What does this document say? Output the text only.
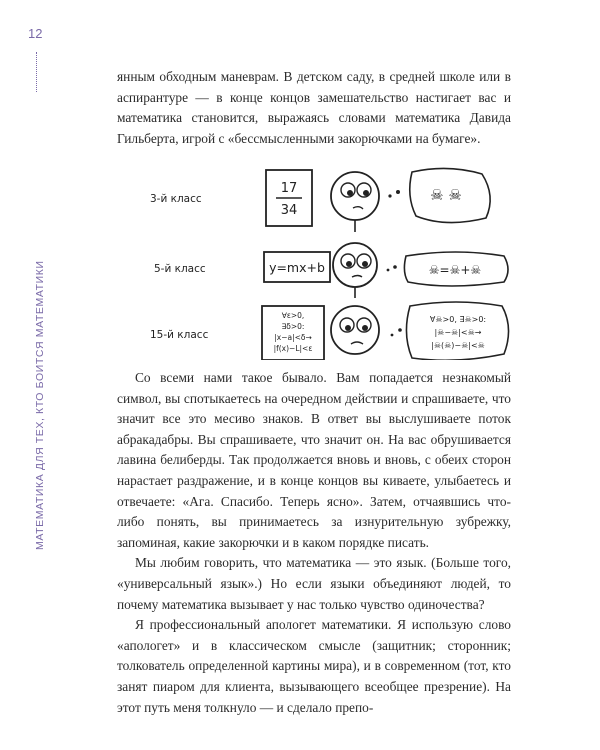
12
МАТЕМАТИКА ДЛЯ ТЕХ, КТО БОИТСЯ МАТЕМАТИКИ

янным обходным маневрам. В детском саду, в средней школе или в аспирантуре — в конце концов замешательство настигает вас и математика становится, выражаясь словами математика Давида Гильберта, игрой с «бессмысленными закорючками на бумаге».

3-й класс
17
34
☠ ☠
5-й класс	y=mx+b	☠=☠+☠
15-й класс
∀ε>0,
∃δ>0:
|x−a|<δ→
|f(x)−L|<ε
∀☠>0, ∃☠>0:
|☠−☠|<☠→
|☠(☠)−☠|<☠

Со всеми нами такое бывало. Вам попадается незнакомый символ, вы спотыкаетесь на очередном действии и спрашиваете, что значит все это месиво знаков. В ответ вы выслушиваете поток абракадабры. Вы спрашиваете, что значит он. На вас обрушивается лавина белиберды. Так продолжается вновь и вновь, с обеих сторон нарастает раздражение, и в конце концов вы киваете, улыбаетесь и отвечаете: «Ага. Спасибо. Теперь ясно». Затем, отчаявшись что-либо понять, вы принимаетесь за изнурительную зубрежку, запоминая, какие закорючки и в каком порядке писать.

Мы любим говорить, что математика — это язык. (Больше того, «универсальный язык».) Но если языки объединяют людей, то почему математика вызывает у нас только чувство одиночества?

Я профессиональный апологет математики. Я использую слово «апологет» и в классическом смысле (защитник; сторонник; толкователь определенной картины мира), и в современном (тот, кто занят пиаром для клиента, вызывающего всеобщее презрение). На этот путь меня толкнуло — и сделало препо-
